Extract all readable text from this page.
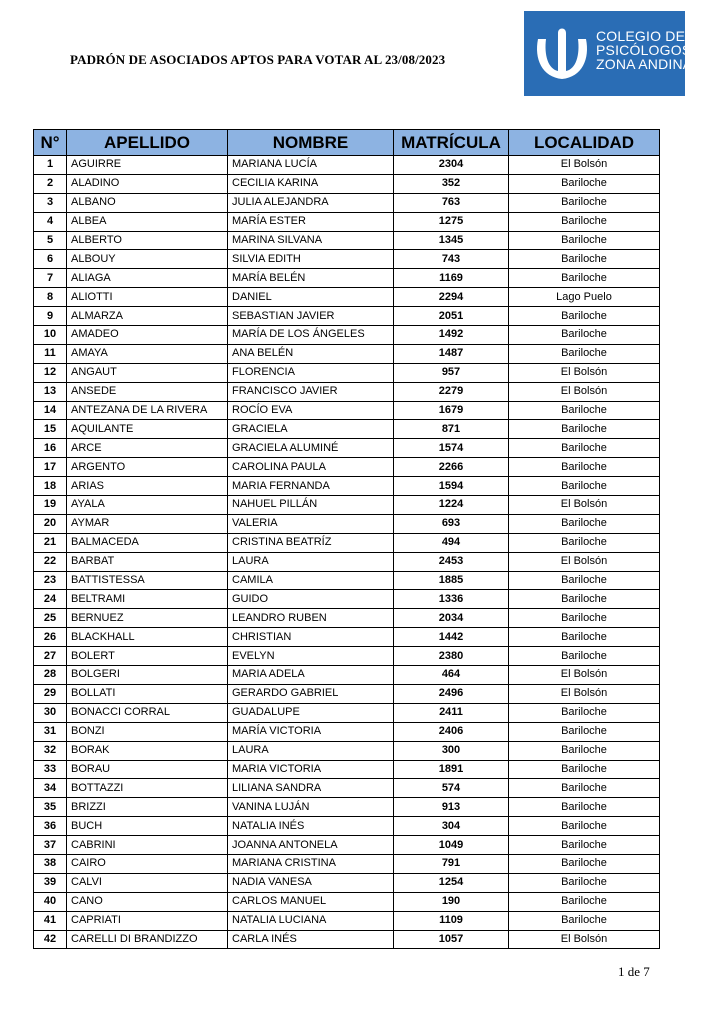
PADRÓN DE ASOCIADOS APTOS PARA VOTAR AL 23/08/2023
COLEGIO DE
PSICÓLOGOS
ZONA ANDINA
N°	APELLIDO	NOMBRE	MATRÍCULA	LOCALIDAD
1	AGUIRRE	MARIANA LUCÍA	2304	El Bolsón
2	ALADINO	CECILIA KARINA	352	Bariloche
3	ALBANO	JULIA ALEJANDRA	763	Bariloche
4	ALBEA	MARÍA ESTER	1275	Bariloche
5	ALBERTO	MARINA SILVANA	1345	Bariloche
6	ALBOUY	SILVIA EDITH	743	Bariloche
7	ALIAGA	MARÍA BELÉN	1169	Bariloche
8	ALIOTTI	DANIEL	2294	Lago Puelo
9	ALMARZA	SEBASTIAN JAVIER	2051	Bariloche
10	AMADEO	MARÍA DE LOS ÁNGELES	1492	Bariloche
11	AMAYA	ANA BELÉN	1487	Bariloche
12	ANGAUT	FLORENCIA	957	El Bolsón
13	ANSEDE	FRANCISCO JAVIER	2279	El Bolsón
14	ANTEZANA DE LA RIVERA	ROCÍO EVA	1679	Bariloche
15	AQUILANTE	GRACIELA	871	Bariloche
16	ARCE	GRACIELA ALUMINÉ	1574	Bariloche
17	ARGENTO	CAROLINA PAULA	2266	Bariloche
18	ARIAS	MARIA FERNANDA	1594	Bariloche
19	AYALA	NAHUEL PILLÁN	1224	El Bolsón
20	AYMAR	VALERIA	693	Bariloche
21	BALMACEDA	CRISTINA BEATRÍZ	494	Bariloche
22	BARBAT	LAURA	2453	El Bolsón
23	BATTISTESSA	CAMILA	1885	Bariloche
24	BELTRAMI	GUIDO	1336	Bariloche
25	BERNUEZ	LEANDRO RUBEN	2034	Bariloche
26	BLACKHALL	CHRISTIAN	1442	Bariloche
27	BOLERT	EVELYN	2380	Bariloche
28	BOLGERI	MARIA ADELA	464	El Bolsón
29	BOLLATI	GERARDO GABRIEL	2496	El Bolsón
30	BONACCI CORRAL	GUADALUPE	2411	Bariloche
31	BONZI	MARÍA VICTORIA	2406	Bariloche
32	BORAK	LAURA	300	Bariloche
33	BORAU	MARIA VICTORIA	1891	Bariloche
34	BOTTAZZI	LILIANA SANDRA	574	Bariloche
35	BRIZZI	VANINA LUJÁN	913	Bariloche
36	BUCH	NATALIA INÉS	304	Bariloche
37	CABRINI	JOANNA ANTONELA	1049	Bariloche
38	CAIRO	MARIANA CRISTINA	791	Bariloche
39	CALVI	NADIA VANESA	1254	Bariloche
40	CANO	CARLOS MANUEL	190	Bariloche
41	CAPRIATI	NATALIA LUCIANA	1109	Bariloche
42	CARELLI DI BRANDIZZO	CARLA INÉS	1057	El Bolsón
1 de 7
